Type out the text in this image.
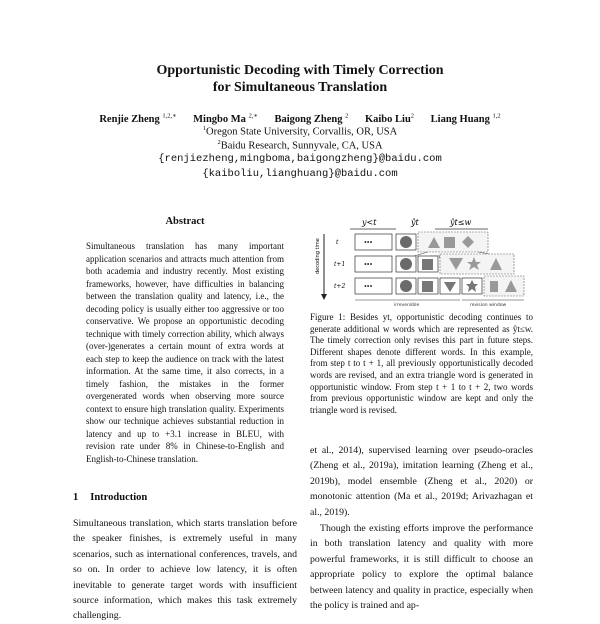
Opportunistic Decoding with Timely Correction
for Simultaneous Translation
Renjie Zheng $^{1,2,∗}$ Mingbo Ma $^{2,∗}$ Baigong Zheng $^2$ Kaibo Liu$^2$ Liang Huang $^{1,2}$
$^1$Oregon State University, Corvallis, OR, USA
$^2$Baidu Research, Sunnyvale, CA, USA
{renjiezheng,mingboma,baigongzheng}@baidu.com
{kaiboliu,lianghuang}@baidu.com
Abstract

Simultaneous translation has many important application scenarios and attracts much attention from both academia and industry recently. Most existing frameworks, however, have difficulties in balancing between the translation quality and latency, i.e., the decoding policy is usually either too aggressive or too conservative. We propose an opportunistic decoding technique with timely correction ability, which always (over-)generates a certain mount of extra words at each step to keep the audience on track with the latest information. At the same time, it also corrects, in a timely fashion, the mistakes in the former overgenerated words when observing more source context to ensure high translation quality. Experiments show our technique achieves substantial reduction in latency and up to +3.1 increase in BLEU, with revision rate under 8% in Chinese-to-English and English-to-Chinese translation.

1 Introduction

Simultaneous translation, which starts translation before the speaker finishes, is extremely useful in many scenarios, such as international conferences, travels, and so on. In order to achieve low latency, it is often inevitable to generate target words with insufficient source information, which makes this task extremely challenging.

y<t	ŷt	ŷt≤w
decoding time	t
t+1
t+2
•••
•••
•••
irreversible	revision window

Figure 1: Besides yt, opportunistic decoding continues to generate additional w words which are represented as ŷt≤w. The timely correction only revises this part in future steps. Different shapes denote different words. In this example, from step t to t + 1, all previously opportunistically decoded words are revised, and an extra triangle word is generated in opportunistic window. From step t + 1 to t + 2, two words from previous opportunistic window are kept and only the triangle word is revised.

et al., 2014), supervised learning over pseudo-oracles (Zheng et al., 2019a), imitation learning (Zheng et al., 2019b), model ensemble (Zheng et al., 2020) or monotonic attention (Ma et al., 2019d; Arivazhagan et al., 2019).

Though the existing efforts improve the performance in both translation latency and quality with more powerful frameworks, it is still difficult to choose an appropriate policy to explore the optimal balance between latency and quality in practice, especially when the policy is trained and ap-
